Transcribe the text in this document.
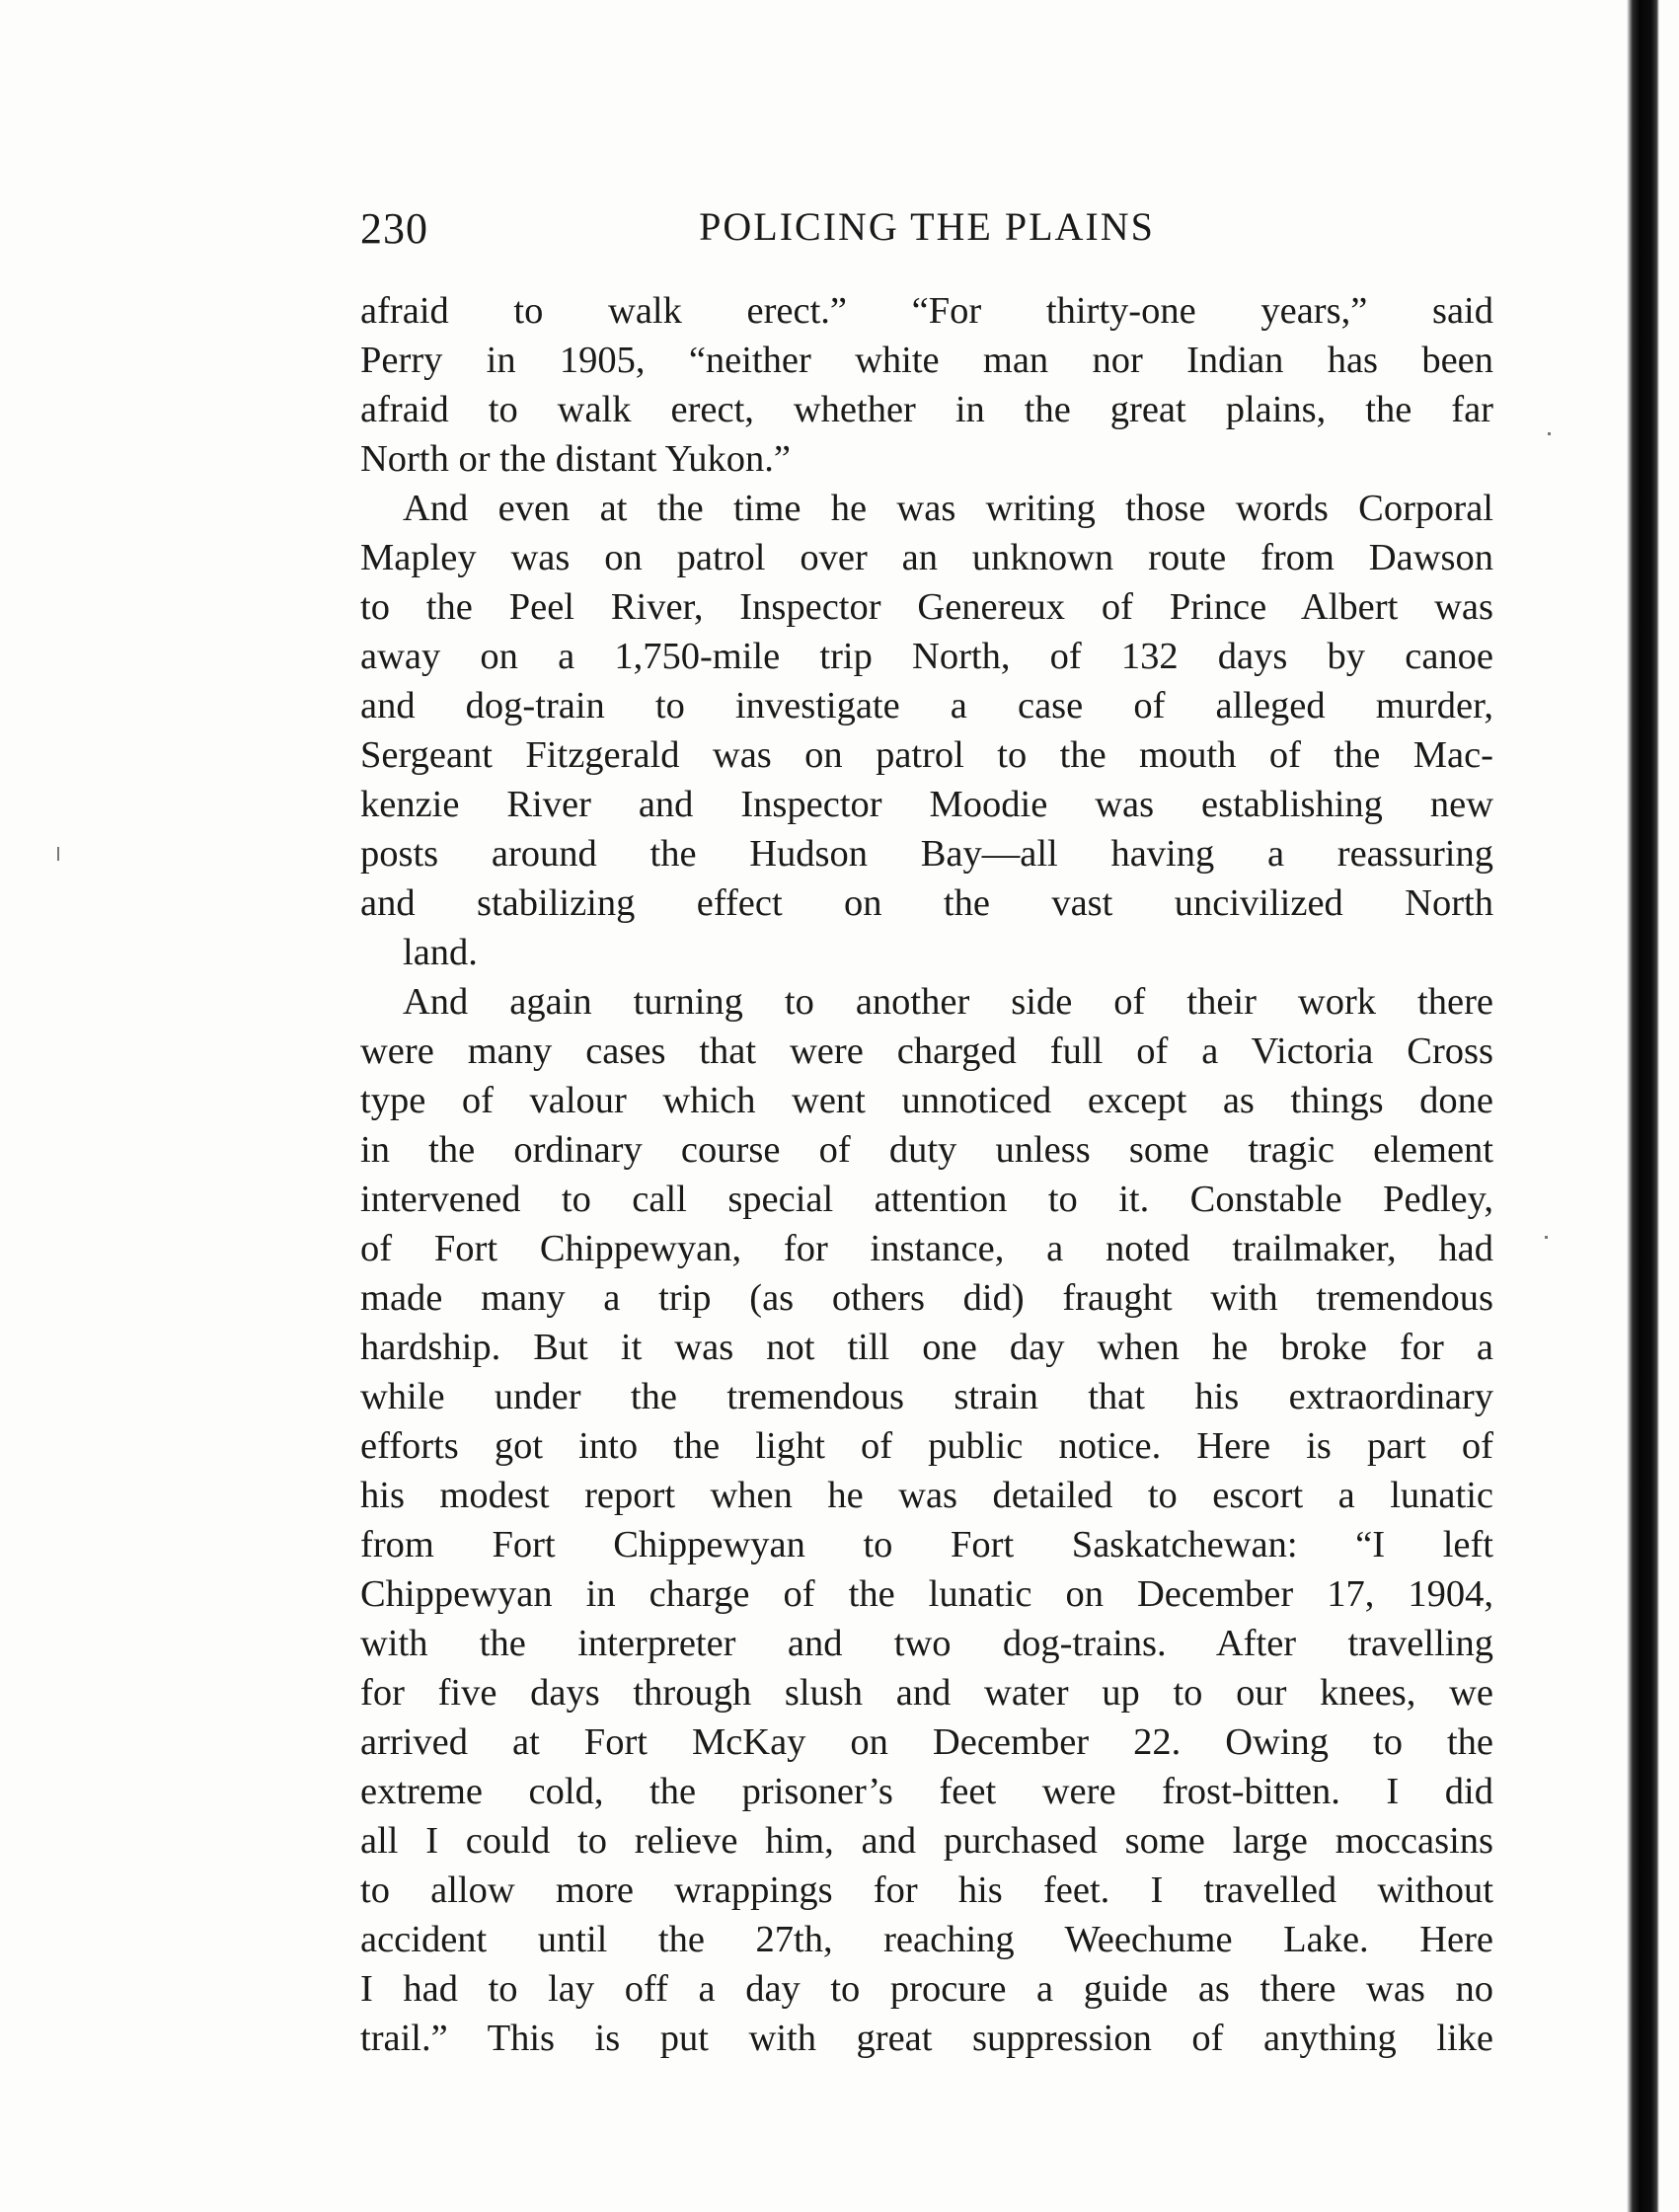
230	POLICING THE PLAINS

afraid to walk erect.” “For thirty-one years,” said
Perry in 1905, “neither white man nor Indian has been
afraid to walk erect, whether in the great plains, the far

North or the distant Yukon.”

And even at the time he was writing those words Corporal
Mapley was on patrol over an unknown route from Dawson
to the Peel River, Inspector Genereux of Prince Albert was
away on a 1,750-mile trip North, of 132 days by canoe
and dog-train to investigate a case of alleged murder,
Sergeant Fitzgerald was on patrol to the mouth of the Mac-
kenzie River and Inspector Moodie was establishing new
posts around the Hudson Bay—all having a reassuring
and stabilizing effect on the vast uncivilized North

land.

And again turning to another side of their work there
were many cases that were charged full of a Victoria Cross
type of valour which went unnoticed except as things done
in the ordinary course of duty unless some tragic element
intervened to call special attention to it. Constable Pedley,
of Fort Chippewyan, for instance, a noted trailmaker, had
made many a trip (as others did) fraught with tremendous
hardship. But it was not till one day when he broke for a
while under the tremendous strain that his extraordinary
efforts got into the light of public notice. Here is part of
his modest report when he was detailed to escort a lunatic
from Fort Chippewyan to Fort Saskatchewan: “I left
Chippewyan in charge of the lunatic on December 17, 1904,
with the interpreter and two dog-trains. After travelling
for five days through slush and water up to our knees, we
arrived at Fort McKay on December 22. Owing to the
extreme cold, the prisoner’s feet were frost-bitten. I did
all I could to relieve him, and purchased some large moccasins
to allow more wrappings for his feet. I travelled without
accident until the 27th, reaching Weechume Lake. Here
I had to lay off a day to procure a guide as there was no
trail.” This is put with great suppression of anything like
